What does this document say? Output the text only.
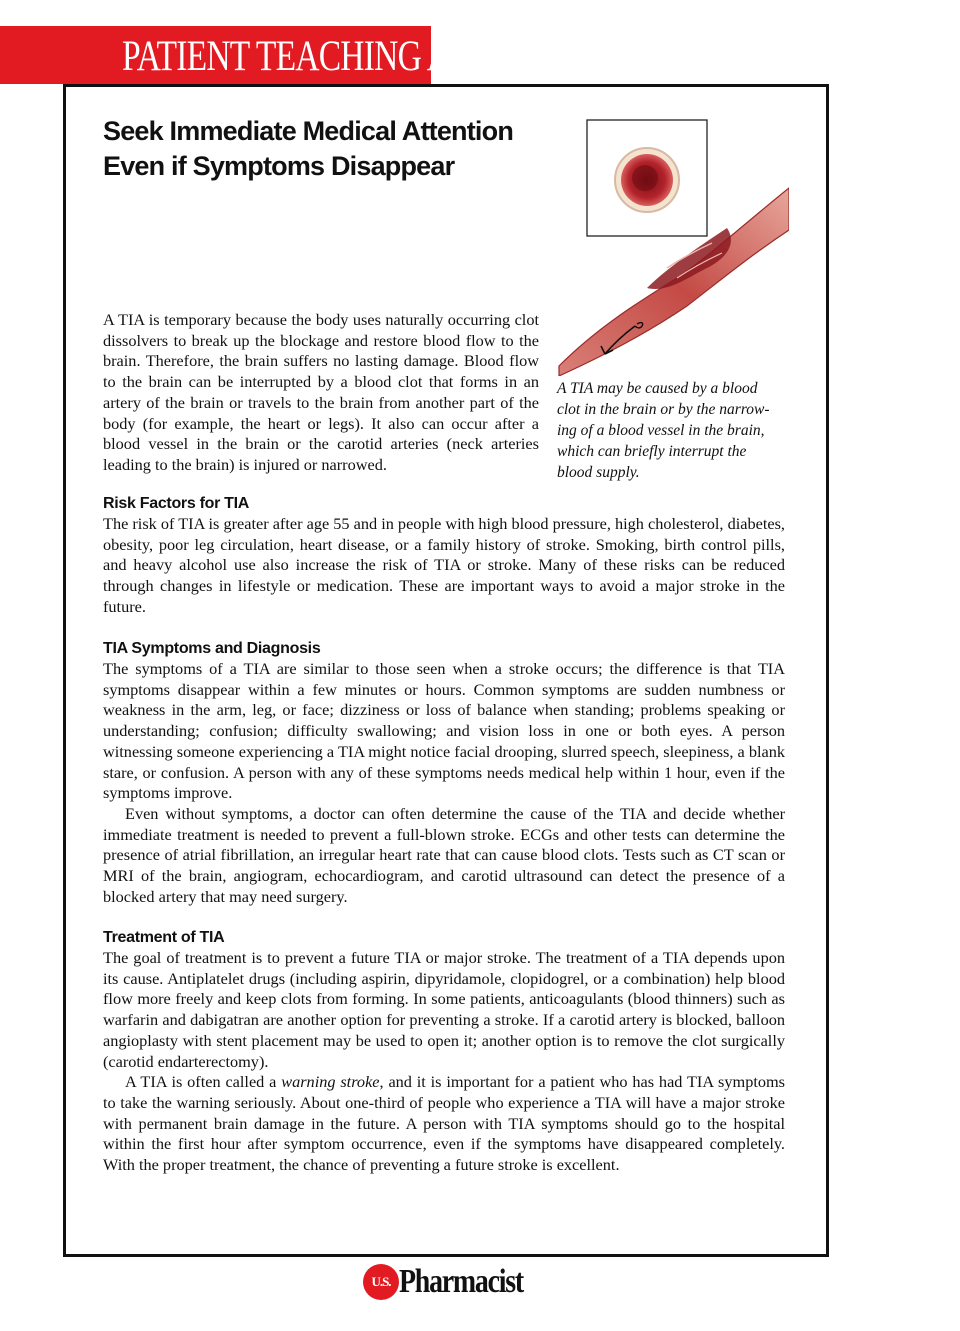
PATIENT TEACHING AID
Seek Immediate Medical Attention
Even if Symptoms Disappear
A TIA may be caused by a blood
clot in the brain or by the narrow-
ing of a blood vessel in the brain,
which can briefly interrupt the
blood supply.
A TIA is temporary because the body uses naturally occurring clot dissolvers to break up the blockage and restore blood flow to the brain. Therefore, the brain suffers no lasting damage. Blood flow to the brain can be interrupted by a blood clot that forms in an artery of the brain or travels to the brain from another part of the body (for example, the heart or legs). It also can occur after a blood vessel in the brain or the carotid arteries (neck arteries leading to the brain) is injured or narrowed.
Risk Factors for TIA
The risk of TIA is greater after age 55 and in people with high blood pressure, high cholesterol, diabetes, obesity, poor leg circulation, heart disease, or a family history of stroke. Smoking, birth control pills, and heavy alcohol use also increase the risk of TIA or stroke. Many of these risks can be reduced through changes in lifestyle or medication. These are important ways to avoid a major stroke in the future.
TIA Symptoms and Diagnosis
The symptoms of a TIA are similar to those seen when a stroke occurs; the difference is that TIA symptoms disappear within a few minutes or hours. Common symptoms are sudden numbness or weakness in the arm, leg, or face; dizziness or loss of balance when standing; problems speaking or understanding; confusion; difficulty swallowing; and vision loss in one or both eyes. A person witnessing someone experiencing a TIA might notice facial drooping, slurred speech, sleepiness, a blank stare, or confusion. A person with any of these symptoms needs medical help within 1 hour, even if the symptoms improve.
Even without symptoms, a doctor can often determine the cause of the TIA and decide whether immediate treatment is needed to prevent a full-blown stroke. ECGs and other tests can determine the presence of atrial fibrillation, an irregular heart rate that can cause blood clots. Tests such as CT scan or MRI of the brain, angiogram, echocardiogram, and carotid ultrasound can detect the presence of a blocked artery that may need surgery.
Treatment of TIA
The goal of treatment is to prevent a future TIA or major stroke. The treatment of a TIA depends upon its cause. Antiplatelet drugs (including aspirin, dipyridamole, clopidogrel, or a combination) help blood flow more freely and keep clots from forming. In some patients, anticoagulants (blood thinners) such as warfarin and dabigatran are another option for preventing a stroke. If a carotid artery is blocked, balloon angioplasty with stent placement may be used to open it; another option is to remove the clot surgically (carotid endarterectomy).
A TIA is often called a warning stroke, and it is important for a patient who has had TIA symptoms to take the warning seriously. About one-third of people who experience a TIA will have a major stroke with permanent brain damage in the future. A person with TIA symptoms should go to the hospital within the first hour after symptom occurrence, even if the symptoms have disappeared completely. With the proper treatment, the chance of preventing a future stroke is excellent.
U.S. Pharmacist
